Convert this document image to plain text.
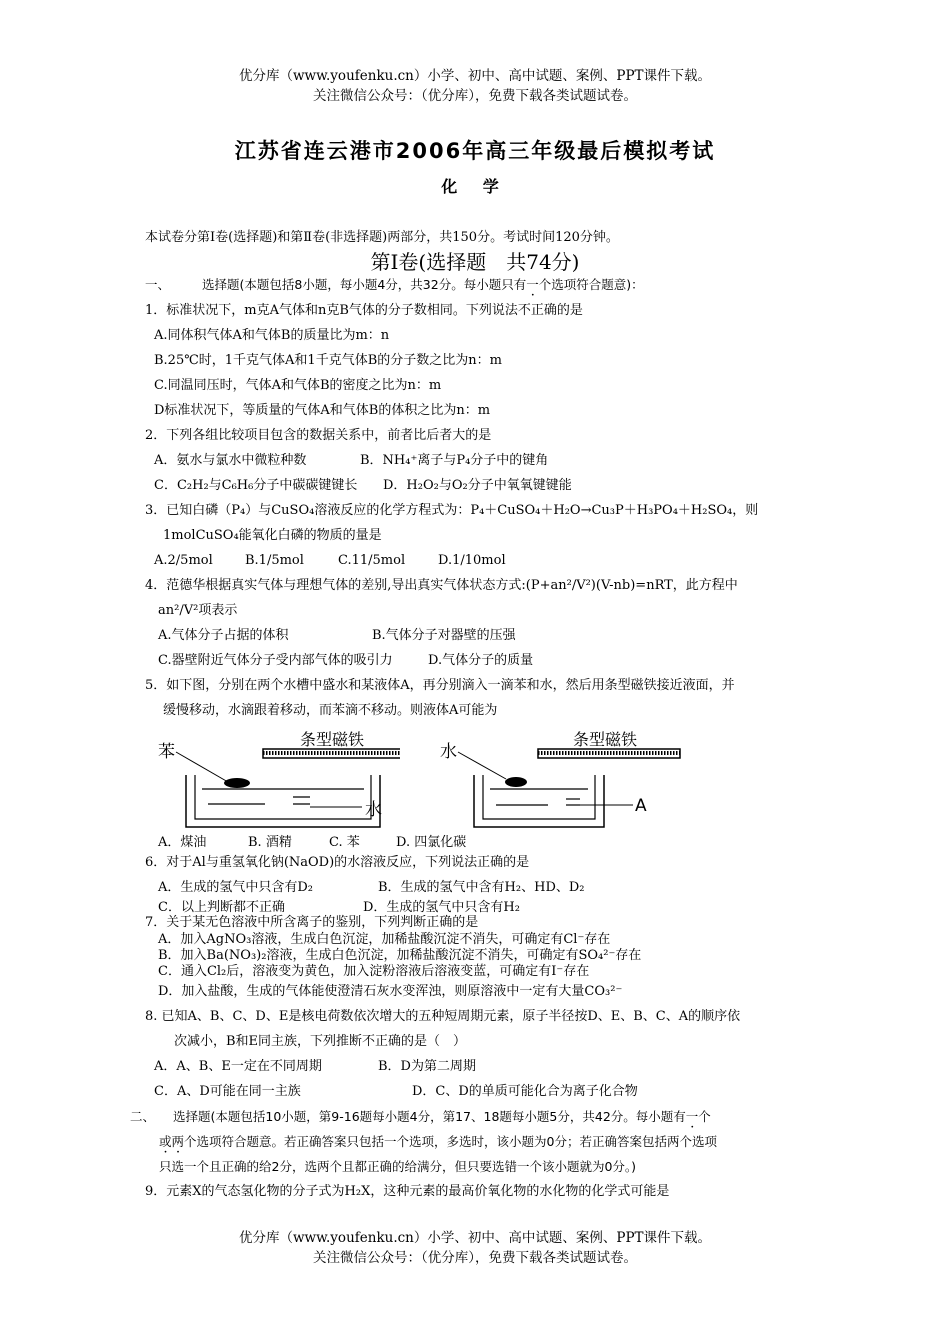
优分库（www.youfenku.cn）小学、初中、高中试题、案例、PPT课件下载。
关注微信公众号：（优分库），免费下载各类试题试卷。
江苏省连云港市2006年高三年级最后模拟考试
化 学
本试卷分第Ⅰ卷(选择题)和第Ⅱ卷(非选择题)两部分，共150分。考试时间120分钟。
第Ⅰ卷(选择题　共74分)
一、	选择题(本题包括8小题，每小题4分，共32分。每小题只有一个选项符合题意)：
1．标准状况下，m克A气体和n克B气体的分子数相同。下列说法不正确的是
A.同体积气体A和气体B的质量比为m：n
B.25℃时，1千克气体A和1千克气体B的分子数之比为n：m
C.同温同压时，气体A和气体B的密度之比为n：m
D标准状况下，等质量的气体A和气体B的体积之比为n：m
2．下列各组比较项目包含的数据关系中，前者比后者大的是
A．氨水与氯水中微粒种数	B．NH₄⁺离子与P₄分子中的键角
C．C₂H₂与C₆H₆分子中碳碳键键长 D．H₂O₂与O₂分子中氧氧键键能
3．已知白磷（P₄）与CuSO₄溶液反应的化学方程式为：P₄＋CuSO₄＋H₂O→Cu₃P＋H₃PO₄＋H₂SO₄，则
1molCuSO₄能氧化白磷的物质的量是
A.2/5mol B.1/5mol	C.11/5mol	D.1/10mol
4．范德华根据真实气体与理想气体的差别,导出真实气体状态方式:(P+an²/V²)(V-nb)=nRT，此方程中
an²/V²项表示
A.气体分子占据的体积	B.气体分子对器壁的压强
C.器壁附近气体分子受内部气体的吸引力	D.气体分子的质量
5．如下图，分别在两个水槽中盛水和某液体A，再分别滴入一滴苯和水，然后用条型磁铁接近液面，并
缓慢移动，水滴跟着移动，而苯滴不移动。则液体A可能为
苯
条型磁铁
水
水
条型磁铁
A
A．煤油	B. 酒精	C. 苯	D. 四氯化碳
6．对于Al与重氢氧化钠(NaOD)的水溶液反应，下列说法正确的是
A．生成的氢气中只含有D₂	B．生成的氢气中含有H₂、HD、D₂
C．以上判断都不正确	D．生成的氢气中只含有H₂
7．关于某无色溶液中所含离子的鉴别，下列判断正确的是
A．加入AgNO₃溶液，生成白色沉淀，加稀盐酸沉淀不消失，可确定有Cl⁻存在
B．加入Ba(NO₃)₂溶液，生成白色沉淀，加稀盐酸沉淀不消失，可确定有SO₄²⁻存在
C．通入Cl₂后，溶液变为黄色，加入淀粉溶液后溶液变蓝，可确定有I⁻存在
D．加入盐酸，生成的气体能使澄清石灰水变浑浊，则原溶液中一定有大量CO₃²⁻
8. 已知A、B、C、D、E是核电荷数依次增大的五种短周期元素，原子半径按D、E、B、C、A的顺序依
次减小，B和E同主族，下列推断不正确的是（　）
A．A、B、E一定在不同周期	B．D为第二周期
C．A、D可能在同一主族	D．C、D的单质可能化合为离子化合物
二、 选择题(本题包括10小题，第9-16题每小题4分，第17、18题每小题5分，共42分。每小题有一个
或两个选项符合题意。若正确答案只包括一个选项，多选时，该小题为0分；若正确答案包括两个选项
只选一个且正确的给2分，选两个且都正确的给满分，但只要选错一个该小题就为0分。)
9．元素X的气态氢化物的分子式为H₂X，这种元素的最高价氧化物的水化物的化学式可能是
优分库（www.youfenku.cn）小学、初中、高中试题、案例、PPT课件下载。
关注微信公众号：（优分库），免费下载各类试题试卷。
